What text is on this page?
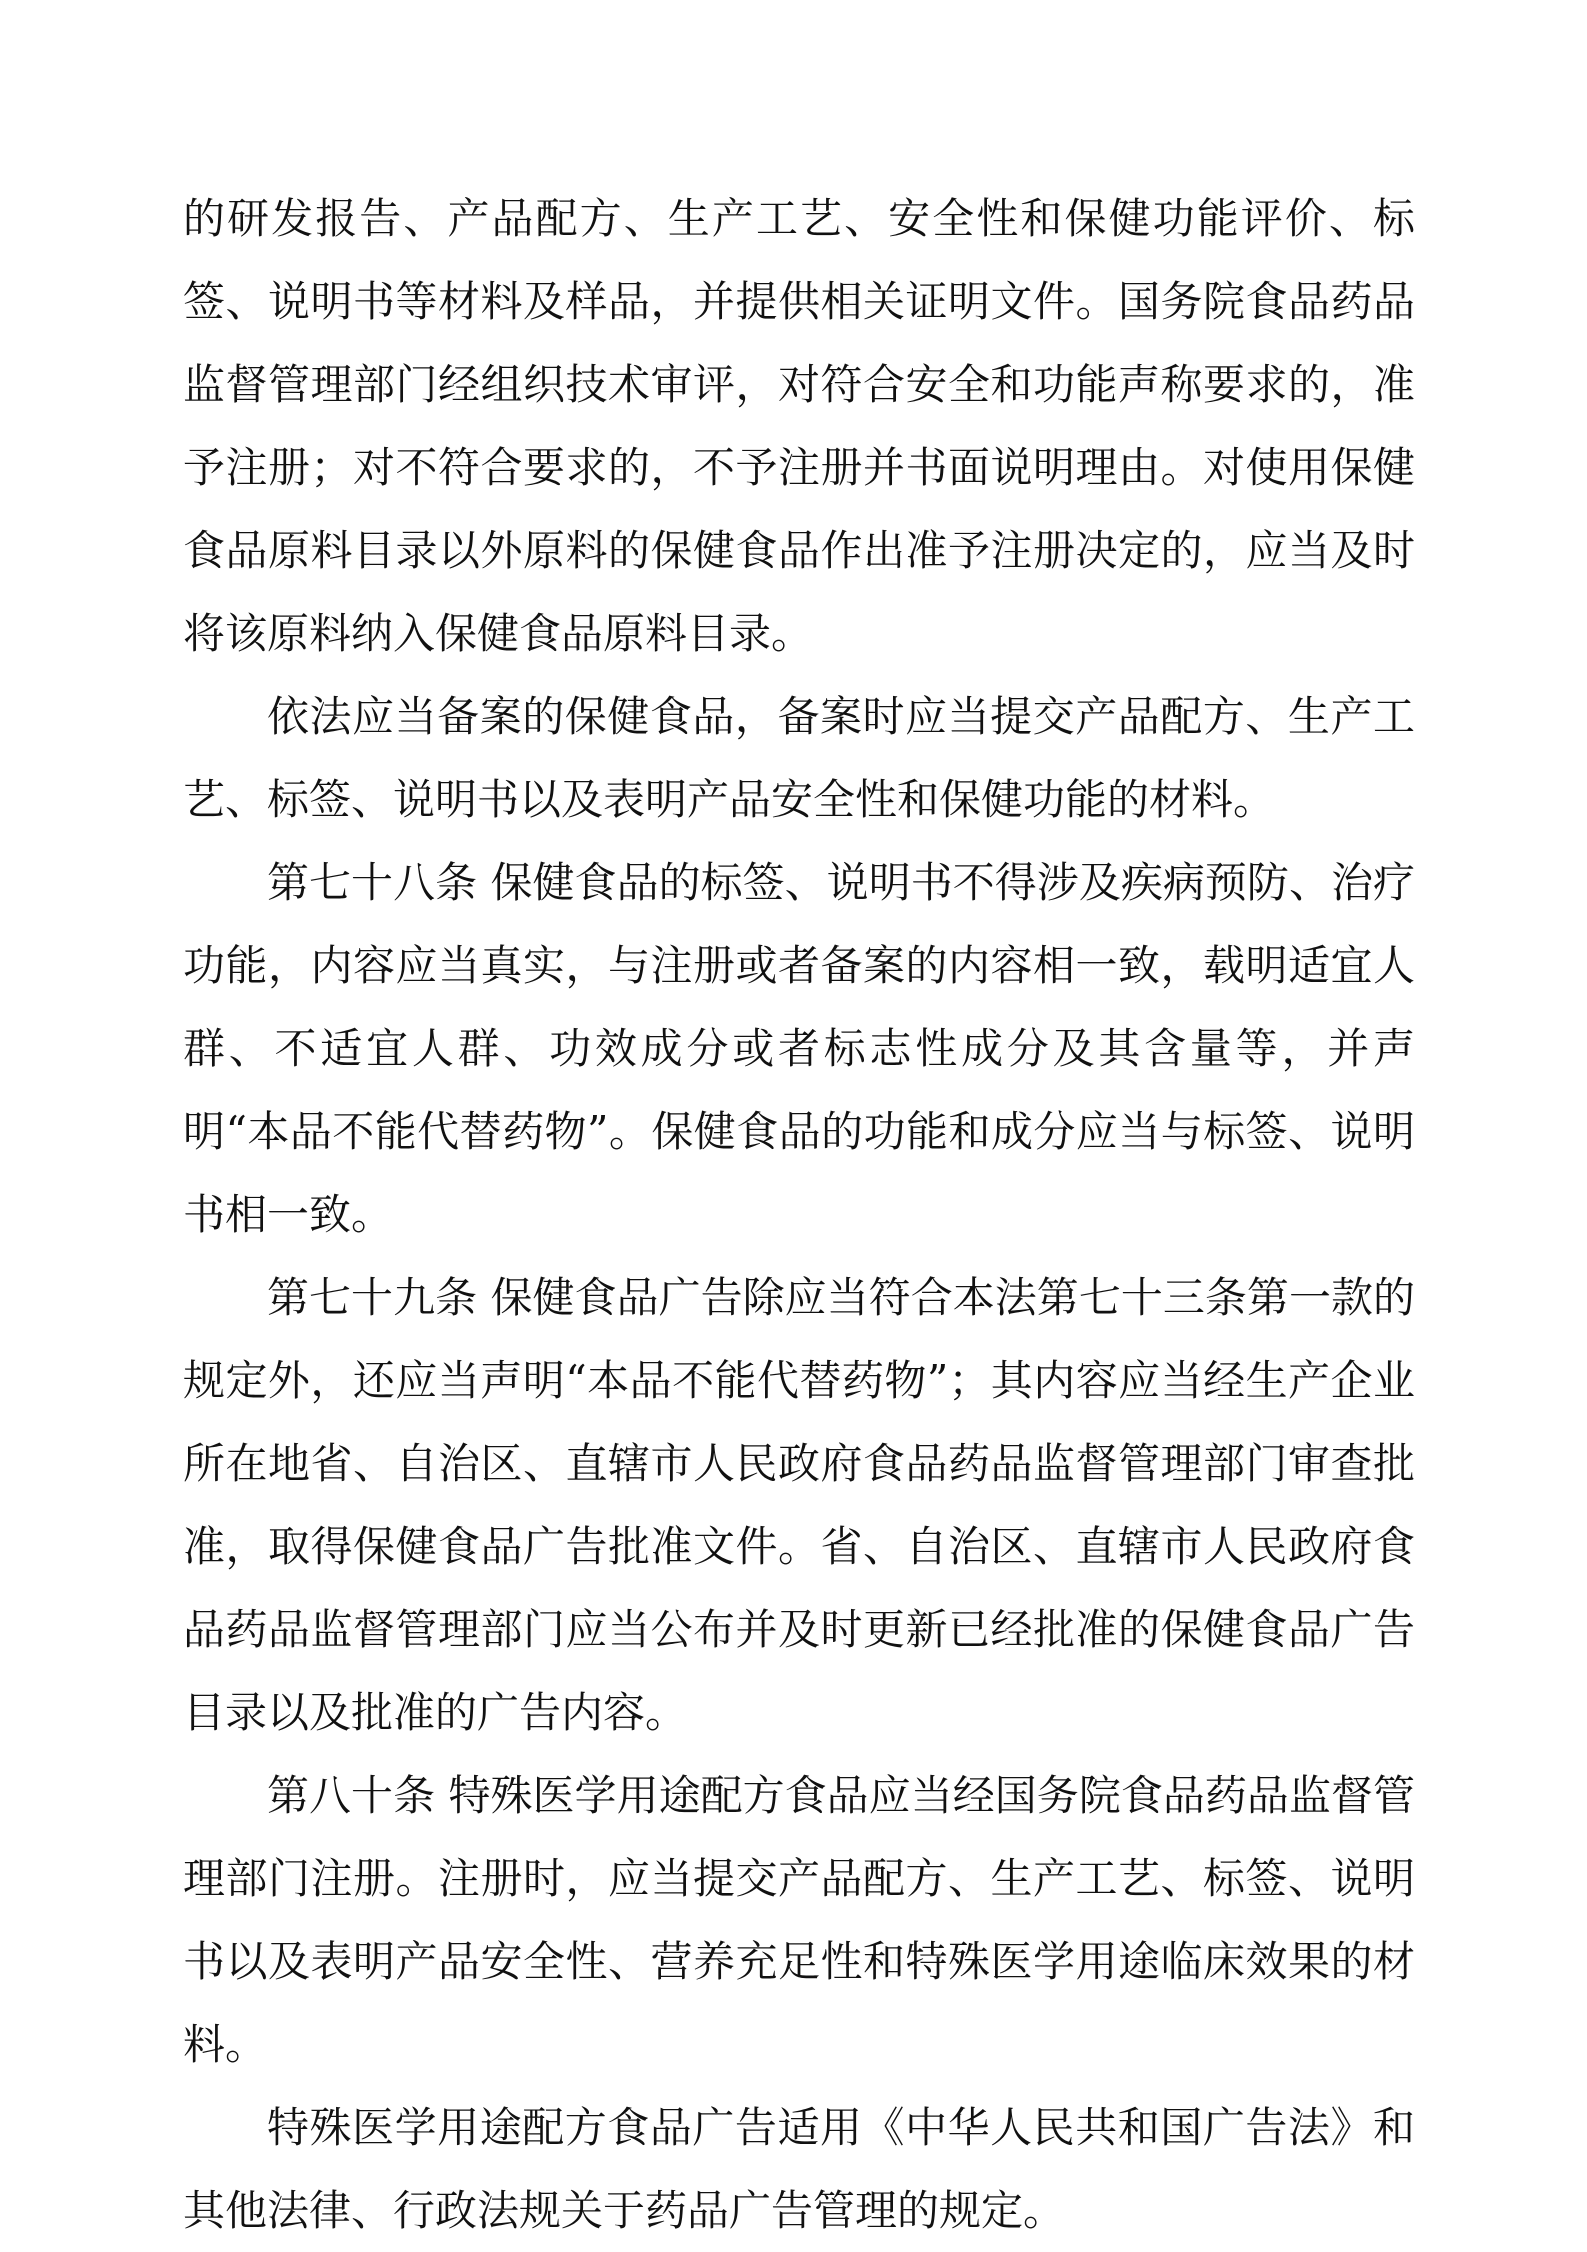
的研发报告、产品配方、生产工艺、安全性和保健功能评价、标签、说明书等材料及样品，并提供相关证明文件。国务院食品药品监督管理部门经组织技术审评，对符合安全和功能声称要求的，准予注册；对不符合要求的，不予注册并书面说明理由。对使用保健食品原料目录以外原料的保健食品作出准予注册决定的，应当及时将该原料纳入保健食品原料目录。

依法应当备案的保健食品，备案时应当提交产品配方、生产工艺、标签、说明书以及表明产品安全性和保健功能的材料。

第七十八条 保健食品的标签、说明书不得涉及疾病预防、治疗功能，内容应当真实，与注册或者备案的内容相一致，载明适宜人群、不适宜人群、功效成分或者标志性成分及其含量等，并声明“本品不能代替药物”。保健食品的功能和成分应当与标签、说明书相一致。

第七十九条 保健食品广告除应当符合本法第七十三条第一款的规定外，还应当声明“本品不能代替药物”；其内容应当经生产企业所在地省、自治区、直辖市人民政府食品药品监督管理部门审查批准，取得保健食品广告批准文件。省、自治区、直辖市人民政府食品药品监督管理部门应当公布并及时更新已经批准的保健食品广告目录以及批准的广告内容。

第八十条 特殊医学用途配方食品应当经国务院食品药品监督管理部门注册。注册时，应当提交产品配方、生产工艺、标签、说明书以及表明产品安全性、营养充足性和特殊医学用途临床效果的材料。

特殊医学用途配方食品广告适用《中华人民共和国广告法》和其他法律、行政法规关于药品广告管理的规定。
